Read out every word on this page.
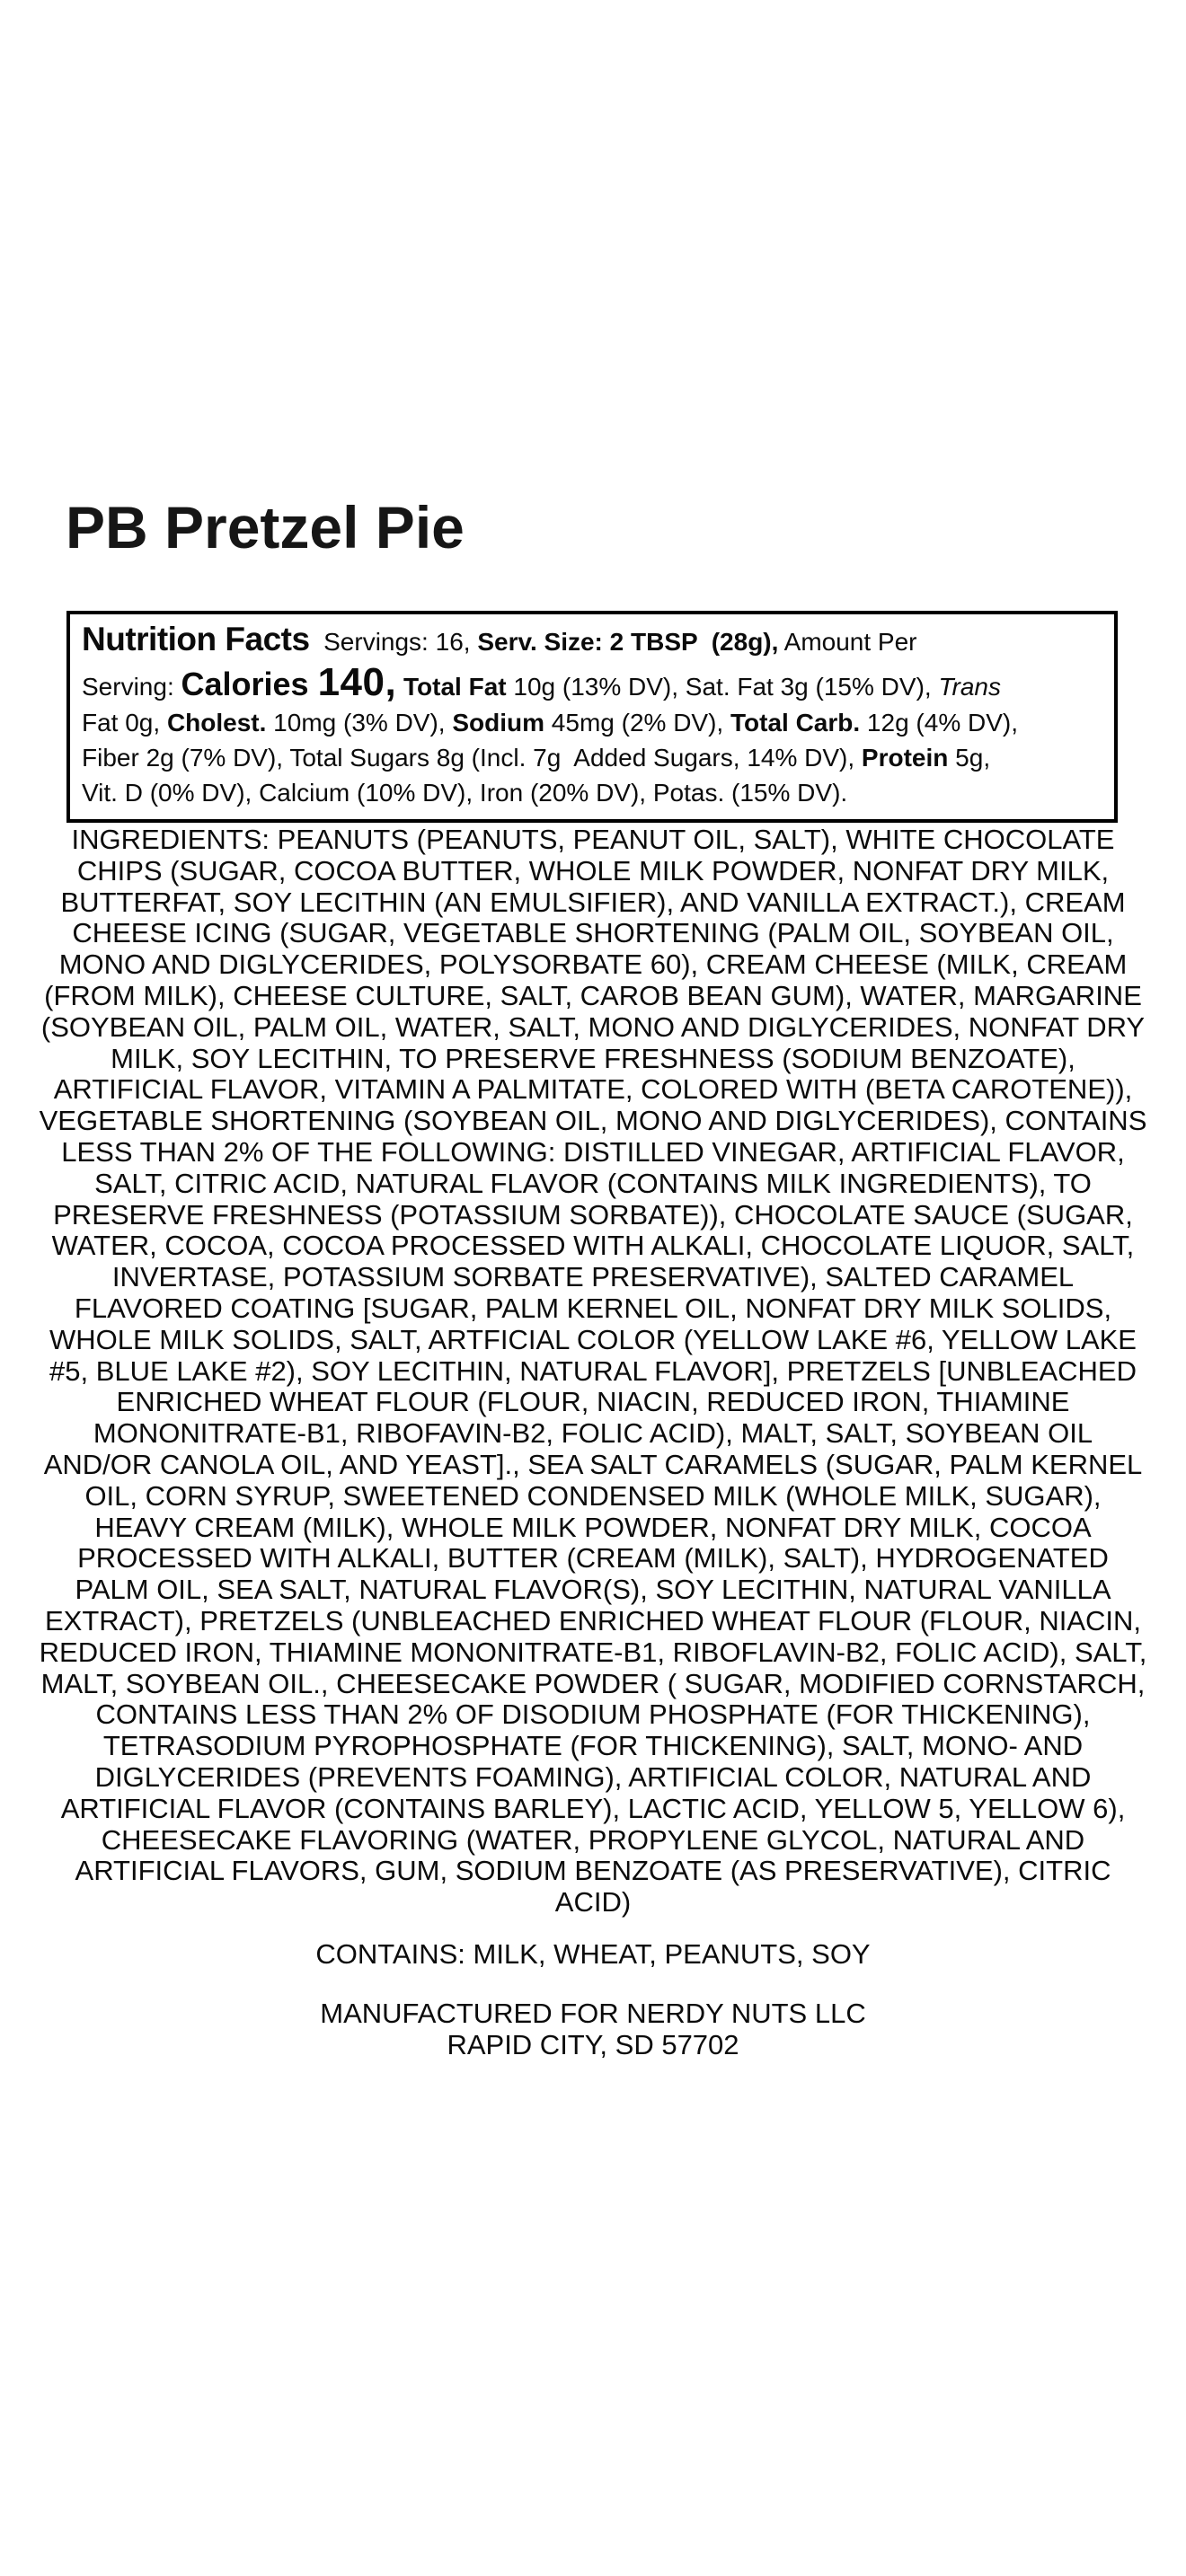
PB Pretzel Pie
Nutrition Facts  Servings: 16, Serv. Size: 2 TBSP  (28g), Amount Per
Serving: Calories 140, Total Fat 10g (13% DV), Sat. Fat 3g (15% DV), Trans
Fat 0g, Cholest. 10mg (3% DV), Sodium 45mg (2% DV), Total Carb. 12g (4% DV),
Fiber 2g (7% DV), Total Sugars 8g (Incl. 7g  Added Sugars, 14% DV), Protein 5g,
Vit. D (0% DV), Calcium (10% DV), Iron (20% DV), Potas. (15% DV).
INGREDIENTS: PEANUTS (PEANUTS, PEANUT OIL, SALT), WHITE CHOCOLATE
CHIPS (SUGAR, COCOA BUTTER, WHOLE MILK POWDER, NONFAT DRY MILK,
BUTTERFAT, SOY LECITHIN (AN EMULSIFIER), AND VANILLA EXTRACT.), CREAM
CHEESE ICING (SUGAR, VEGETABLE SHORTENING (PALM OIL, SOYBEAN OIL,
MONO AND DIGLYCERIDES, POLYSORBATE 60), CREAM CHEESE (MILK, CREAM
(FROM MILK), CHEESE CULTURE, SALT, CAROB BEAN GUM), WATER, MARGARINE
(SOYBEAN OIL, PALM OIL, WATER, SALT, MONO AND DIGLYCERIDES, NONFAT DRY
MILK, SOY LECITHIN, TO PRESERVE FRESHNESS (SODIUM BENZOATE),
ARTIFICIAL FLAVOR, VITAMIN A PALMITATE, COLORED WITH (BETA CAROTENE)),
VEGETABLE SHORTENING (SOYBEAN OIL, MONO AND DIGLYCERIDES), CONTAINS
LESS THAN 2% OF THE FOLLOWING: DISTILLED VINEGAR, ARTIFICIAL FLAVOR,
SALT, CITRIC ACID, NATURAL FLAVOR (CONTAINS MILK INGREDIENTS), TO
PRESERVE FRESHNESS (POTASSIUM SORBATE)), CHOCOLATE SAUCE (SUGAR,
WATER, COCOA, COCOA PROCESSED WITH ALKALI, CHOCOLATE LIQUOR, SALT,
INVERTASE, POTASSIUM SORBATE PRESERVATIVE), SALTED CARAMEL
FLAVORED COATING [SUGAR, PALM KERNEL OIL, NONFAT DRY MILK SOLIDS,
WHOLE MILK SOLIDS, SALT, ARTFICIAL COLOR (YELLOW LAKE #6, YELLOW LAKE
#5, BLUE LAKE #2), SOY LECITHIN, NATURAL FLAVOR], PRETZELS [UNBLEACHED
ENRICHED WHEAT FLOUR (FLOUR, NIACIN, REDUCED IRON, THIAMINE
MONONITRATE-B1, RIBOFAVIN-B2, FOLIC ACID), MALT, SALT, SOYBEAN OIL
AND/OR CANOLA OIL, AND YEAST]., SEA SALT CARAMELS (SUGAR, PALM KERNEL
OIL, CORN SYRUP, SWEETENED CONDENSED MILK (WHOLE MILK, SUGAR),
HEAVY CREAM (MILK), WHOLE MILK POWDER, NONFAT DRY MILK, COCOA
PROCESSED WITH ALKALI, BUTTER (CREAM (MILK), SALT), HYDROGENATED
PALM OIL, SEA SALT, NATURAL FLAVOR(S), SOY LECITHIN, NATURAL VANILLA
EXTRACT), PRETZELS (UNBLEACHED ENRICHED WHEAT FLOUR (FLOUR, NIACIN,
REDUCED IRON, THIAMINE MONONITRATE-B1, RIBOFLAVIN-B2, FOLIC ACID), SALT,
MALT, SOYBEAN OIL., CHEESECAKE POWDER ( SUGAR, MODIFIED CORNSTARCH,
CONTAINS LESS THAN 2% OF DISODIUM PHOSPHATE (FOR THICKENING),
TETRASODIUM PYROPHOSPHATE (FOR THICKENING), SALT, MONO- AND
DIGLYCERIDES (PREVENTS FOAMING), ARTIFICIAL COLOR, NATURAL AND
ARTIFICIAL FLAVOR (CONTAINS BARLEY), LACTIC ACID, YELLOW 5, YELLOW 6),
CHEESECAKE FLAVORING (WATER, PROPYLENE GLYCOL, NATURAL AND
ARTIFICIAL FLAVORS, GUM, SODIUM BENZOATE (AS PRESERVATIVE), CITRIC
ACID)
CONTAINS: MILK, WHEAT, PEANUTS, SOY
MANUFACTURED FOR NERDY NUTS LLC
RAPID CITY, SD 57702
